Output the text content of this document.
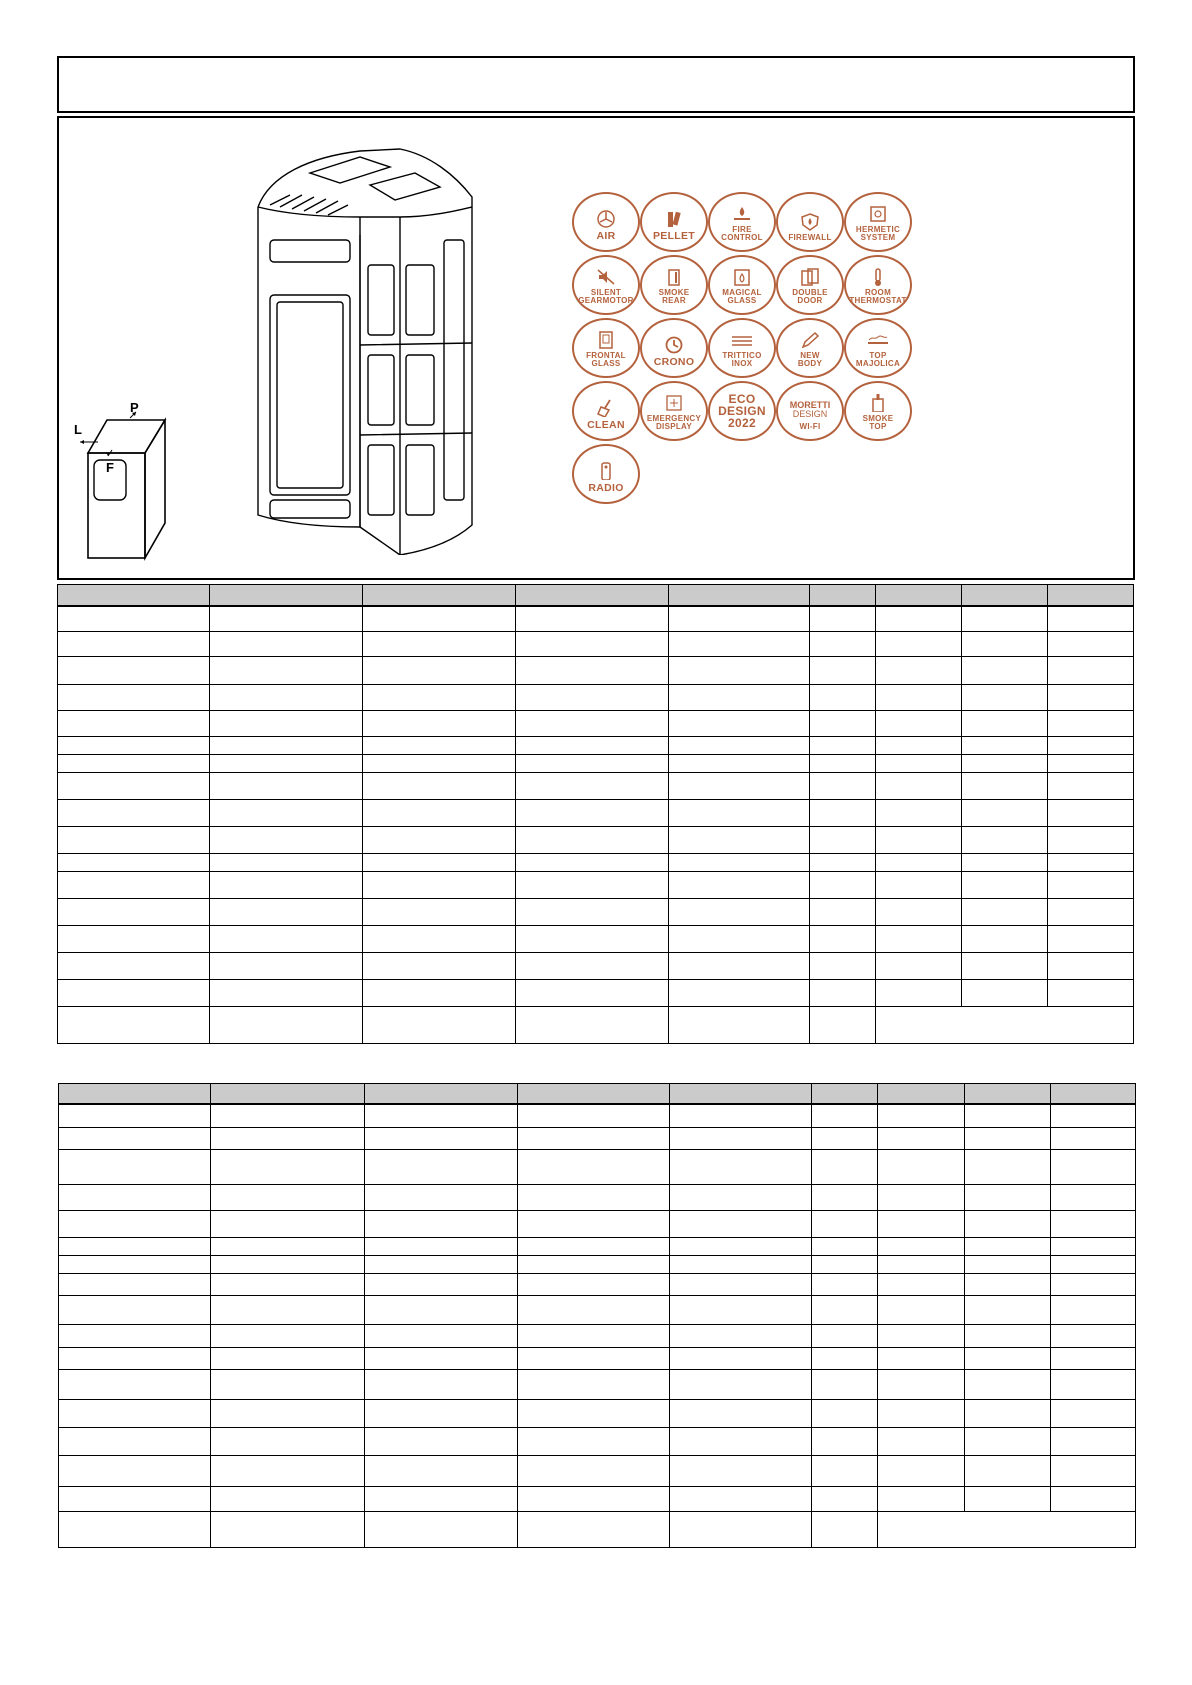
L
P
F
AIR	PELLET
FIRE
CONTROL	FIREWALL
HERMETIC
SYSTEM
SILENT
GEARMOTOR
SMOKE
REAR
MAGICAL
GLASS
DOUBLE
DOOR
ROOM
THERMOSTAT
FRONTAL
GLASS	CRONO
TRITTICO
INOX
NEW
BODY
TOP
MAJOLICA
CLEAN
EMERGENCY
DISPLAY
ECO
DESIGN
2022
MORETTI
DESIGN
WI-FI
SMOKE
TOP
RADIO
